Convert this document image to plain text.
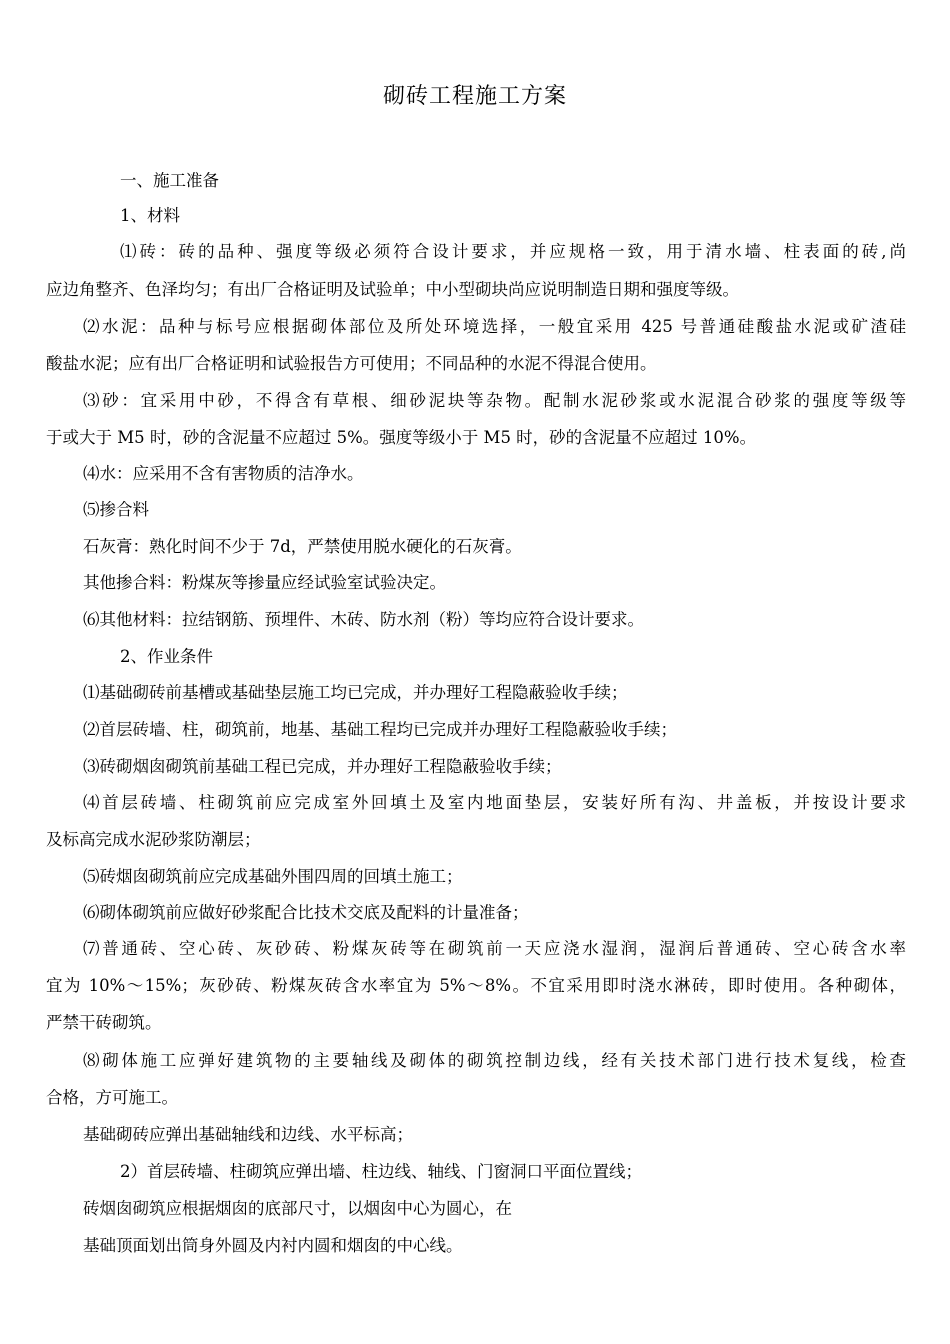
砌砖工程施工方案
一、施工准备
1、材料
⑴砖：砖的品种、强度等级必须符合设计要求，并应规格一致，用于清水墙、柱表面的砖,尚
应边角整齐、色泽均匀；有出厂合格证明及试验单；中小型砌块尚应说明制造日期和强度等级。
⑵水泥：品种与标号应根据砌体部位及所处环境选择，一般宜采用 425 号普通硅酸盐水泥或矿渣硅
酸盐水泥；应有出厂合格证明和试验报告方可使用；不同品种的水泥不得混合使用。
⑶砂：宜采用中砂，不得含有草根、细砂泥块等杂物。配制水泥砂浆或水泥混合砂浆的强度等级等
于或大于 M5 时，砂的含泥量不应超过 5%。强度等级小于 M5 时，砂的含泥量不应超过 10%。
⑷水：应采用不含有害物质的洁净水。
⑸掺合料
石灰膏：熟化时间不少于 7d，严禁使用脱水硬化的石灰膏。
其他掺合料：粉煤灰等掺量应经试验室试验决定。
⑹其他材料：拉结钢筋、预埋件、木砖、防水剂（粉）等均应符合设计要求。
2、作业条件
⑴基础砌砖前基槽或基础垫层施工均已完成，并办理好工程隐蔽验收手续；
⑵首层砖墙、柱，砌筑前，地基、基础工程均已完成并办理好工程隐蔽验收手续；
⑶砖砌烟囱砌筑前基础工程已完成，并办理好工程隐蔽验收手续；
⑷首层砖墙、柱砌筑前应完成室外回填土及室内地面垫层，安装好所有沟、井盖板，并按设计要求
及标高完成水泥砂浆防潮层；
⑸砖烟囱砌筑前应完成基础外围四周的回填土施工；
⑹砌体砌筑前应做好砂浆配合比技术交底及配料的计量准备；
⑺普通砖、空心砖、灰砂砖、粉煤灰砖等在砌筑前一天应浇水湿润，湿润后普通砖、空心砖含水率
宜为 10%～15%；灰砂砖、粉煤灰砖含水率宜为 5%～8%。不宜采用即时浇水淋砖，即时使用。各种砌体，
严禁干砖砌筑。
⑻砌体施工应弹好建筑物的主要轴线及砌体的砌筑控制边线，经有关技术部门进行技术复线，检查
合格，方可施工。
基础砌砖应弹出基础轴线和边线、水平标高；
2）首层砖墙、柱砌筑应弹出墙、柱边线、轴线、门窗洞口平面位置线；
砖烟囱砌筑应根据烟囱的底部尺寸，以烟囱中心为圆心，在
基础顶面划出筒身外圆及内衬内圆和烟囱的中心线。
